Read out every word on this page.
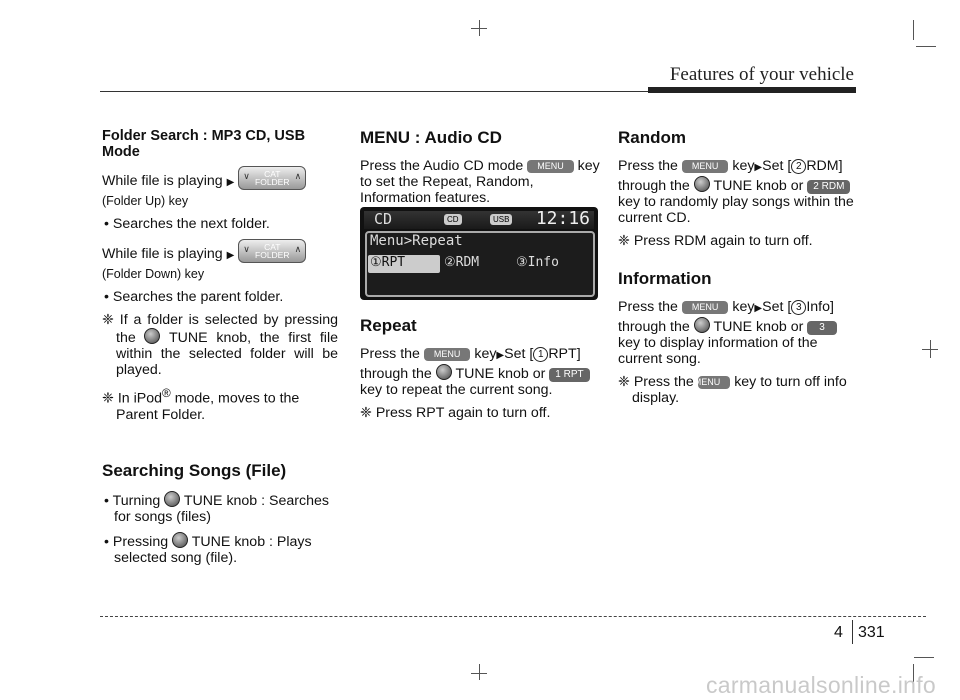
Features of your vehicle
Folder Search : MP3 CD, USB Mode

While file is playing ▶
∨	CAT
FOLDER
∧

(Folder Up) key

• Searches the next folder.

While file is playing ▶
∨	CAT
FOLDER
∧

(Folder Down) key

• Searches the parent folder.

❈ If a folder is selected by pressing the TUNE knob, the first file within the selected folder will be played.

❈ In iPod® mode, moves to the Parent Folder.

Searching Songs (File)

• Turning TUNE knob : Searches for songs (files)

• Pressing TUNE knob : Plays selected song (file).

MENU : Audio CD

Press the Audio CD mode MENU key to set the Repeat, Random, Information features.

CD	CD	USB 12:16
Menu>Repeat
①RPT	②RDM	③Info
Repeat

Press the MENU key▶Set [ 1 RPT] through the TUNE knob or 1 RPT key to repeat the current song.

❈ Press RPT again to turn off.

Random

Press the MENU key▶Set [ 2 RDM] through the TUNE knob or 2 RDM key to randomly play songs within the current CD.

❈ Press RDM again to turn off.

Information

Press the MENU key▶Set [ 3 Info] through the TUNE knob or 3 key to display information of the current song.

❈ Press the MENU key to turn off info display.

4 331
carmanualsonline.info
